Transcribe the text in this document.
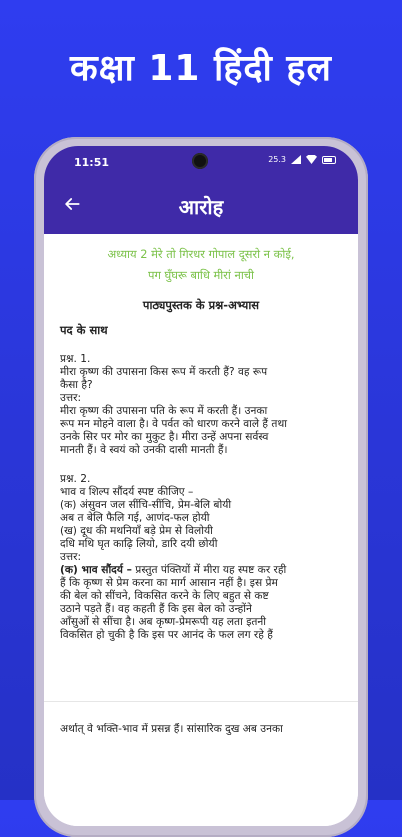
कक्षा 11 हिंदी हल
11:51	25.3
आरोह
अध्याय 2 मेरे तो गिरधर गोपाल दूसरो न कोई,
पग घुँघरू बाधि मीरां नाची
पाठ्यपुस्तक के प्रश्न-अभ्यास
पद के साथ
प्रश्न. 1.
मीरा कृष्ण की उपासना किस रूप में करती हैं? वह रूप
कैसा है?
उत्तर:
मीरा कृष्ण की उपासना पति के रूप में करती हैं। उनका
रूप मन मोहने वाला है। वे पर्वत को धारण करने वाले हैं तथा
उनके सिर पर मोर का मुकुट है। मीरा उन्हें अपना सर्वस्व
मानती हैं। वे स्वयं को उनकी दासी मानती हैं।
प्रश्न. 2.
भाव व शिल्प सौंदर्य स्पष्ट कीजिए –
(क) अंसुवन जल सींचि-सींचि, प्रेम-बेलि बोयी
अब त बेलि फैलि गई, आणंद-फल होयी
(ख) दूध की मथनियाँ बड़े प्रेम से विलोयी
दधि मथि घृत काढ़ि लियो, डारि दयी छोयी
उत्तर:
(क) भाव सौंदर्य – प्रस्तुत पंक्तियों में मीरा यह स्पष्ट कर रही
हैं कि कृष्ण से प्रेम करना का मार्ग आसान नहीं है। इस प्रेम
की बेल को सींचने, विकसित करने के लिए बहुत से कष्ट
उठाने पड़ते हैं। वह कहती हैं कि इस बेल को उन्होंने
आँसुओं से सींचा है। अब कृष्ण-प्रेमरूपी यह लता इतनी
विकसित हो चुकी है कि इस पर आनंद के फल लग रहे हैं
अर्थात् वे भक्ति-भाव में प्रसन्न हैं। सांसारिक दुख अब उनका
